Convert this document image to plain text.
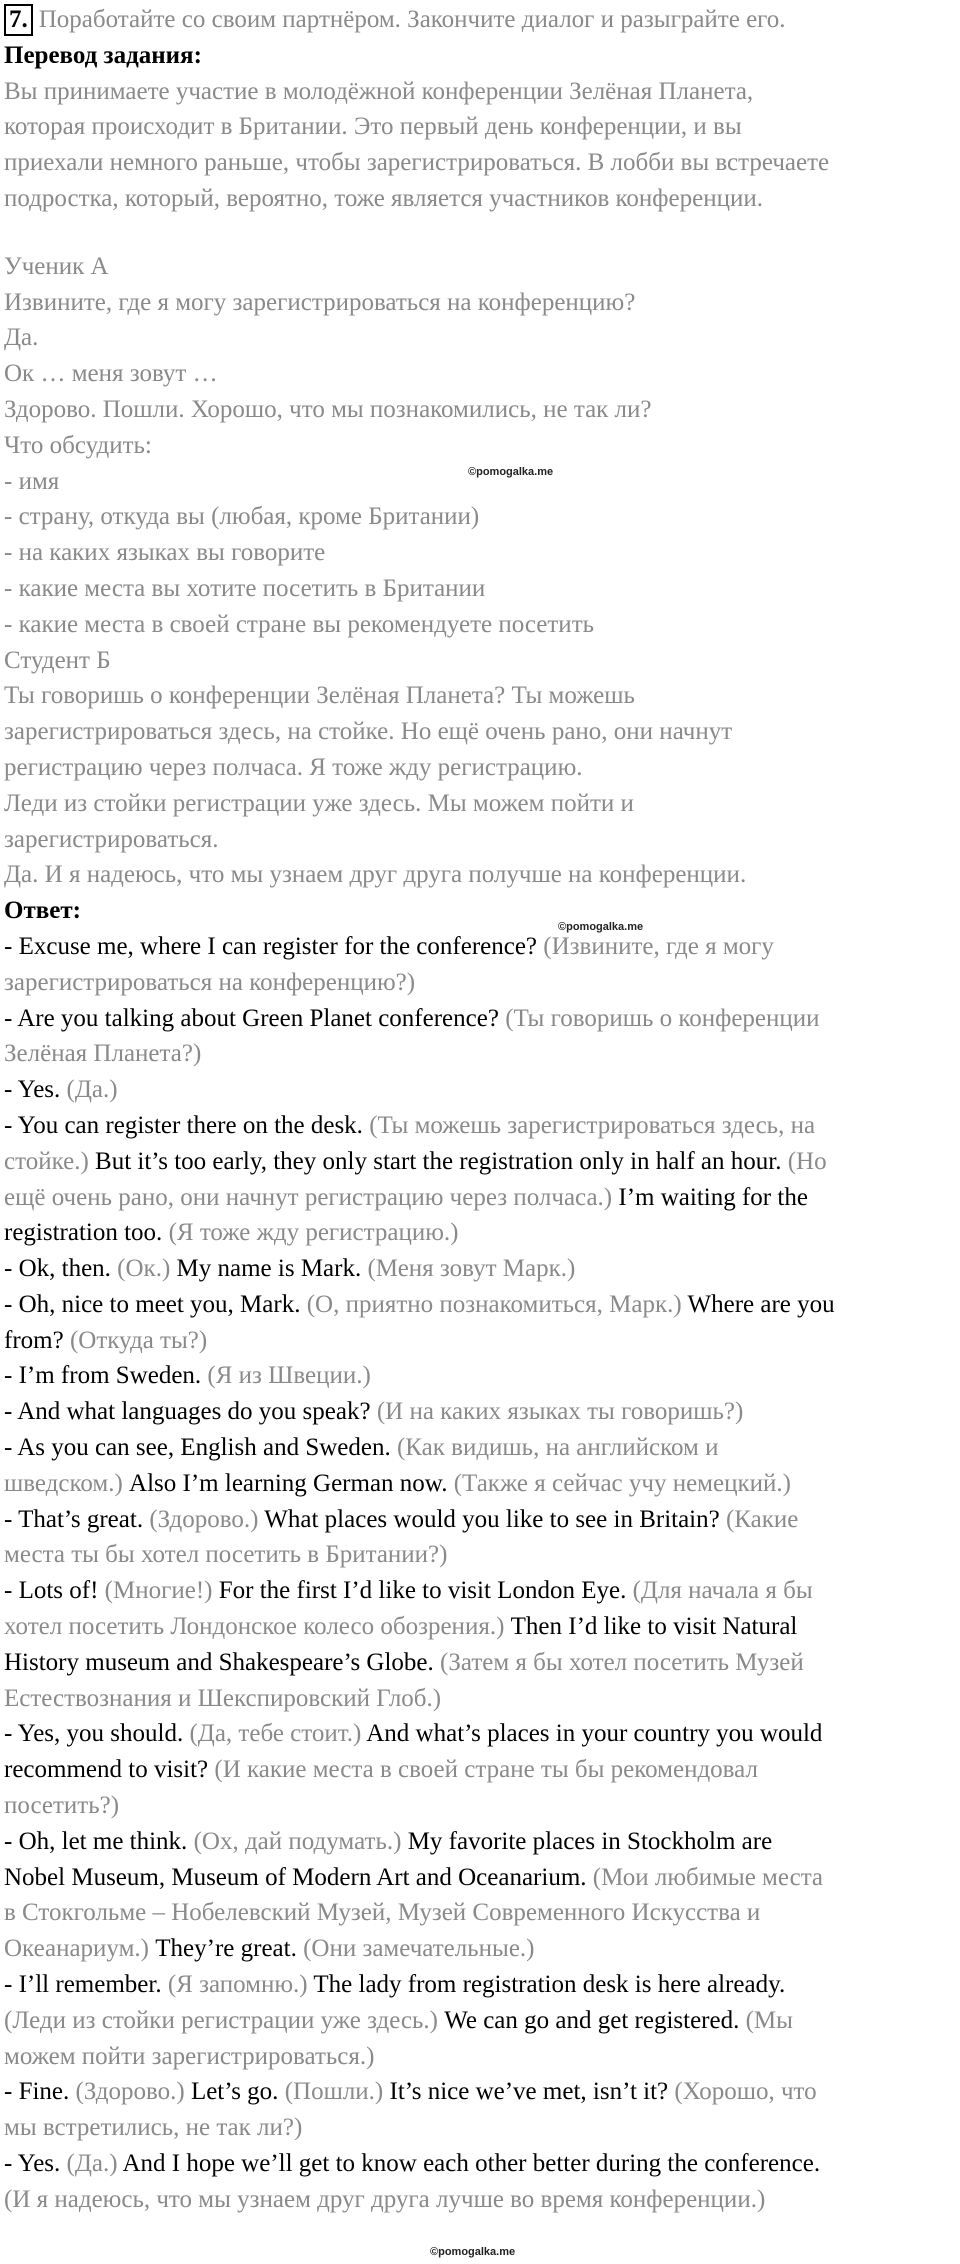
7. Поработайте со своим партнёром. Закончите диалог и разыграйте его.
Перевод задания:
Вы принимаете участие в молодёжной конференции Зелёная Планета,
которая происходит в Британии. Это первый день конференции, и вы
приехали немного раньше, чтобы зарегистрироваться. В лобби вы встречаете
подростка, который, вероятно, тоже является участников конференции.
Ученик А
Извините, где я могу зарегистрироваться на конференцию?
Да.
Ок … меня зовут …
Здорово. Пошли. Хорошо, что мы познакомились, не так ли?
Что обсудить:
- имя
- страну, откуда вы (любая, кроме Британии)
- на каких языках вы говорите
- какие места вы хотите посетить в Британии
- какие места в своей стране вы рекомендуете посетить
Студент Б
Ты говоришь о конференции Зелёная Планета? Ты можешь
зарегистрироваться здесь, на стойке. Но ещё очень рано, они начнут
регистрацию через полчаса. Я тоже жду регистрацию.
Леди из стойки регистрации уже здесь. Мы можем пойти и
зарегистрироваться.
Да. И я надеюсь, что мы узнаем друг друга получше на конференции.
Ответ:
- Excuse me, where I can register for the conference? (Извините, где я могу
зарегистрироваться на конференцию?)
- Are you talking about Green Planet conference? (Ты говоришь о конференции
Зелёная Планета?)
- Yes. (Да.)
- You can register there on the desk. (Ты можешь зарегистрироваться здесь, на
стойке.) But it’s too early, they only start the registration only in half an hour. (Но
ещё очень рано, они начнут регистрацию через полчаса.) I’m waiting for the
registration too. (Я тоже жду регистрацию.)
- Ok, then. (Ок.) My name is Mark. (Меня зовут Марк.)
- Oh, nice to meet you, Mark. (О, приятно познакомиться, Марк.) Where are you
from? (Откуда ты?)
- I’m from Sweden. (Я из Швеции.)
- And what languages do you speak? (И на каких языках ты говоришь?)
- As you can see, English and Sweden. (Как видишь, на английском и
шведском.) Also I’m learning German now. (Также я сейчас учу немецкий.)
- That’s great. (Здорово.) What places would you like to see in Britain? (Какие
места ты бы хотел посетить в Британии?)
- Lots of! (Многие!) For the first I’d like to visit London Eye. (Для начала я бы
хотел посетить Лондонское колесо обозрения.) Then I’d like to visit Natural
History museum and Shakespeare’s Globe. (Затем я бы хотел посетить Музей
Естествознания и Шекспировский Глоб.)
- Yes, you should. (Да, тебе стоит.) And what’s places in your country you would
recommend to visit? (И какие места в своей стране ты бы рекомендовал
посетить?)
- Oh, let me think. (Ох, дай подумать.) My favorite places in Stockholm are
Nobel Museum, Museum of Modern Art and Oceanarium. (Мои любимые места
в Стокгольме – Нобелевский Музей, Музей Современного Искусства и
Океанариум.) They’re great. (Они замечательные.)
- I’ll remember. (Я запомню.) The lady from registration desk is here already.
(Леди из стойки регистрации уже здесь.) We can go and get registered. (Мы
можем пойти зарегистрироваться.)
- Fine. (Здорово.) Let’s go. (Пошли.) It’s nice we’ve met, isn’t it? (Хорошо, что
мы встретились, не так ли?)
- Yes. (Да.) And I hope we’ll get to know each other better during the conference.
(И я надеюсь, что мы узнаем друг друга лучше во время конференции.)
©pomogalka.me
©pomogalka.me
©pomogalka.me
